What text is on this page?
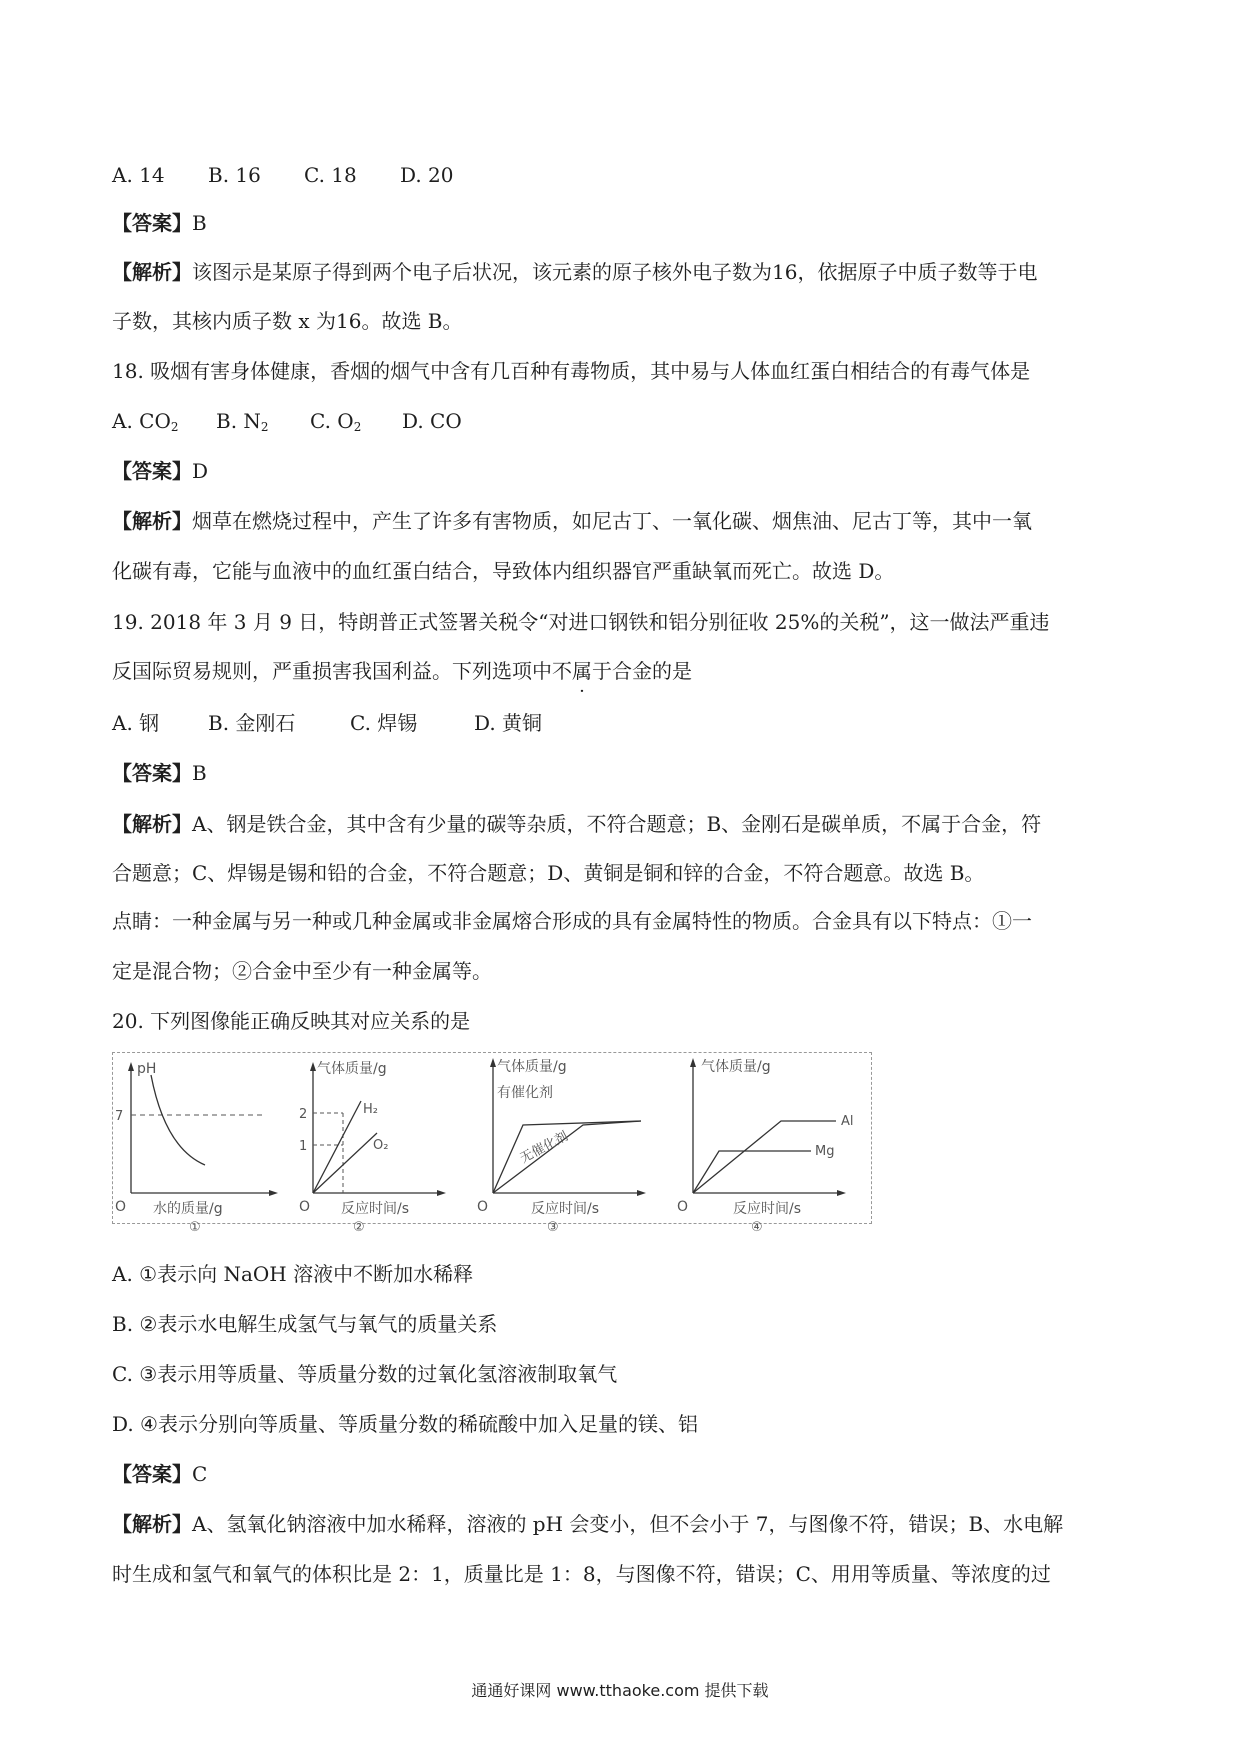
A. 14 B. 16 C. 18 D. 20
【答案】B
【解析】该图示是某原子得到两个电子后状况，该元素的原子核外电子数为16，依据原子中质子数等于电
子数，其核内质子数 x 为16。故选 B。
18. 吸烟有害身体健康，香烟的烟气中含有几百种有毒物质，其中易与人体血红蛋白相结合的有毒气体是
A. $CO_2$ B. $N_2$ C. $O_2$ D. CO
【答案】D
【解析】烟草在燃烧过程中，产生了许多有害物质，如尼古丁、一氧化碳、烟焦油、尼古丁等，其中一氧
化碳有毒，它能与血液中的血红蛋白结合，导致体内组织器官严重缺氧而死亡。故选 D。
19. 2018 年 3 月 9 日，特朗普正式签署关税令“对进口钢铁和铝分别征收 25%的关税”，这一做法严重违
反国际贸易规则，严重损害我国利益。下列选项中不属于合金的是
A. 钢 B. 金刚石	C. 焊锡	D. 黄铜
【答案】B
【解析】A、钢是铁合金，其中含有少量的碳等杂质，不符合题意；B、金刚石是碳单质，不属于合金，符
合题意；C、焊锡是锡和铅的合金，不符合题意；D、黄铜是铜和锌的合金，不符合题意。故选 B。
点睛：一种金属与另一种或几种金属或非金属熔合形成的具有金属特性的物质。合金具有以下特点：①一
定是混合物；②合金中至少有一种金属等。
20. 下列图像能正确反映其对应关系的是
pH
7
O 水的质量/g
①
气体质量/g
2
1
H₂
O₂
O 反应时间/s
②
气体质量/g
有催化剂
无催化剂
O	反应时间/s
③
气体质量/g
Al
Mg
O	反应时间/s
④
A. ①表示向 NaOH 溶液中不断加水稀释
B. ②表示水电解生成氢气与氧气的质量关系
C. ③表示用等质量、等质量分数的过氧化氢溶液制取氧气
D. ④表示分别向等质量、等质量分数的稀硫酸中加入足量的镁、铝
【答案】C
【解析】A、氢氧化钠溶液中加水稀释，溶液的 pH 会变小，但不会小于 7，与图像不符，错误；B、水电解
时生成和氢气和氧气的体积比是 2：1，质量比是 1：8，与图像不符，错误；C、用用等质量、等浓度的过
通通好课网 www.tthaoke.com 提供下载
